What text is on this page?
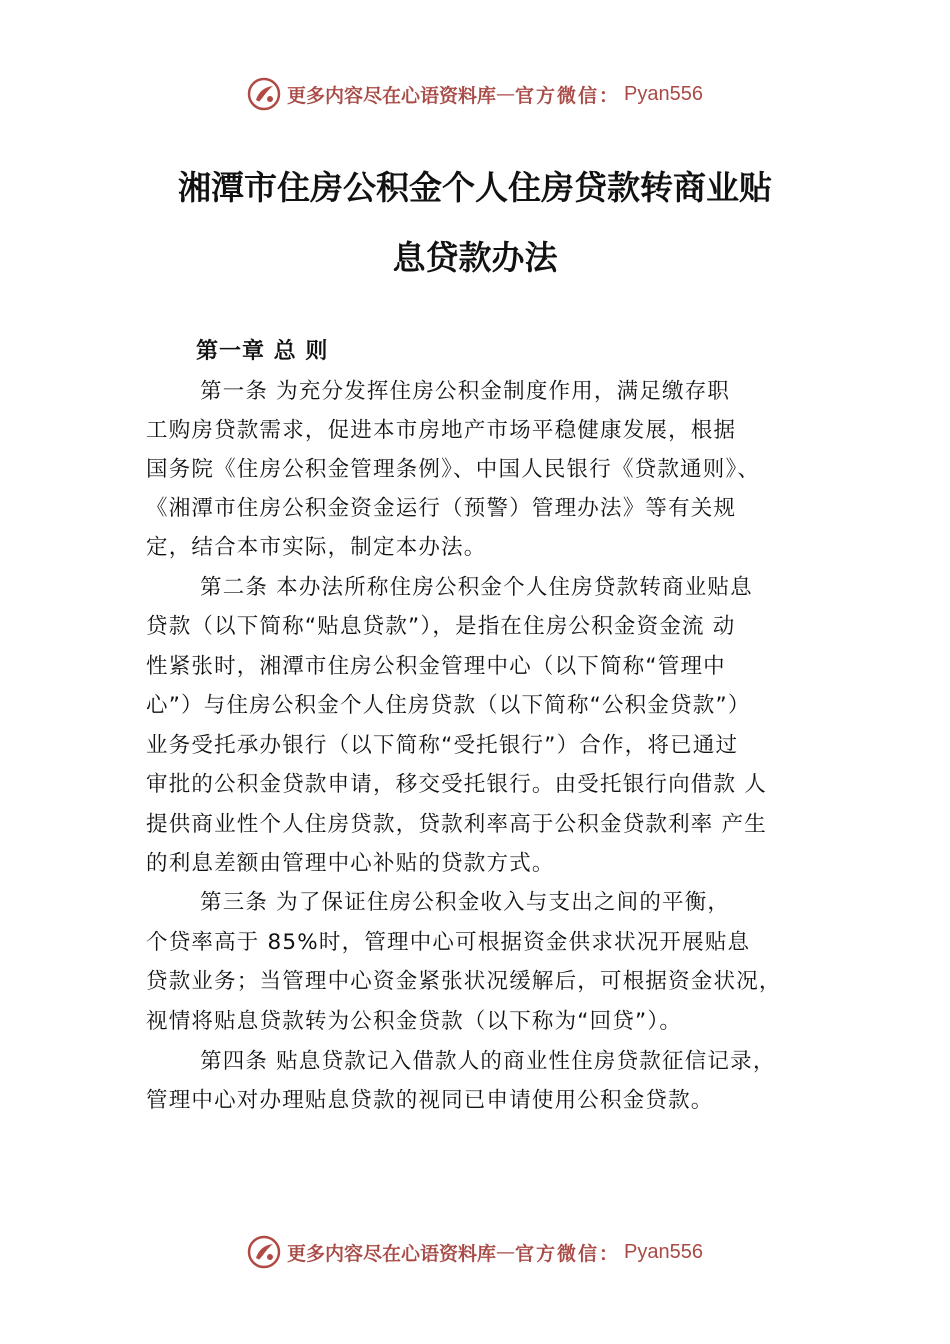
更多内容尽在心语资料库 — 官方微信： Pyan556
湘潭市住房公积金个人住房贷款转商业贴
息贷款办法
第一章 总 则
第一条 为充分发挥住房公积金制度作用，满足缴存职
工购房贷款需求，促进本市房地产市场平稳健康发展，根据
国务院《住房公积金管理条例》、中国人民银行《贷款通则》、
《湘潭市住房公积金资金运行（预警）管理办法》等有关规
定，结合本市实际，制定本办法。
第二条 本办法所称住房公积金个人住房贷款转商业贴息
贷款（以下简称“贴息贷款”），是指在住房公积金资金流 动
性紧张时，湘潭市住房公积金管理中心（以下简称“管理中
心”）与住房公积金个人住房贷款（以下简称“公积金贷款”）
业务受托承办银行（以下简称“受托银行”）合作，将已通过
审批的公积金贷款申请，移交受托银行。由受托银行向借款 人
提供商业性个人住房贷款，贷款利率高于公积金贷款利率 产生
的利息差额由管理中心补贴的贷款方式。
第三条 为了保证住房公积金收入与支出之间的平衡，
个贷率高于 85%时，管理中心可根据资金供求状况开展贴息
贷款业务；当管理中心资金紧张状况缓解后，可根据资金状况，
视情将贴息贷款转为公积金贷款（以下称为“回贷”）。
第四条 贴息贷款记入借款人的商业性住房贷款征信记录，
管理中心对办理贴息贷款的视同已申请使用公积金贷款。
更多内容尽在心语资料库 — 官方微信： Pyan556
